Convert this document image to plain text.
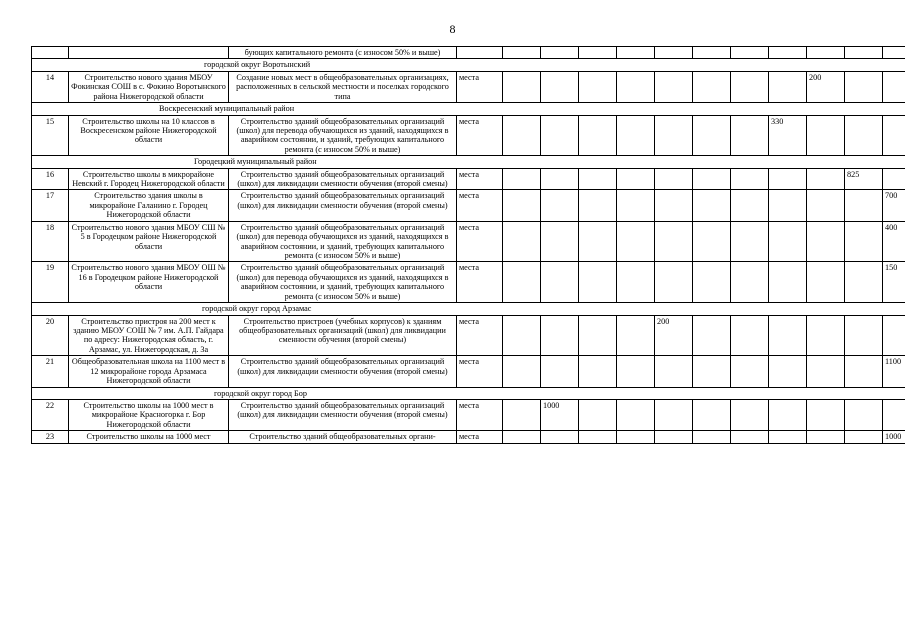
8
		бующих капитального ремонта (с износом 50% и выше)												
городской округ Воротынский														
14	Строительство нового здания МБОУ Фокинская СОШ в с. Фокино Воротынского района Нижегородской области	Создание новых мест в общеобразовательных организациях, расположенных в сельской местности и поселках городского типа	места									200		
Воскресенский муниципальный район														
15	Строительство школы на 10 классов в Воскресенском районе Нижегородской области	Строительство зданий общеобразовательных организаций (школ) для перевода обучающихся из зданий, находящихся в аварийном состоянии, и зданий, требующих капитального ремонта (с износом 50% и выше)	места								330			
Городецкий муниципальный район														
16	Строительство школы в микрорайоне Невский г. Городец Нижегородской области	Строительство зданий общеобразовательных организаций (школ) для ликвидации сменности обучения (второй смены)	места										825	
17	Строительство здания школы в микрорайоне Галанино г. Городец Нижегородской области	Строительство зданий общеобразовательных организаций (школ) для ликвидации сменности обучения (второй смены)	места											700
18	Строительство нового здания МБОУ СШ № 5 в Городецком районе Нижегородской области	Строительство зданий общеобразовательных организаций (школ) для перевода обучающихся из зданий, находящихся в аварийном состоянии, и зданий, требующих капитального ремонта (с износом 50% и выше)	места											400
19	Строительство нового здания МБОУ ОШ № 16 в Городецком районе Нижегородской области	Строительство зданий общеобразовательных организаций (школ) для перевода обучающихся из зданий, находящихся в аварийном состоянии, и зданий, требующих капитального ремонта (с износом 50% и выше)	места											150
городской округ город Арзамас														
20	Строительство пристроя на 200 мест к зданию МБОУ СОШ № 7 им. А.П. Гайдара по адресу: Нижегородская область, г. Арзамас, ул. Нижегородская, д. 3а	Строительство пристроев (учебных корпусов) к зданиям общеобразовательных организаций (школ) для ликвидации сменности обучения (второй смены)	места					200						
21	Общеобразовательная школа на 1100 мест в 12 микрорайоне города Арзамаса Нижегородской области	Строительство зданий общеобразовательных организаций (школ) для ликвидации сменности обучения (второй смены)	места											1100
городской округ город Бор														
22	Строительство школы на 1000 мест в микрорайоне Красногорка г. Бор Нижегородской области	Строительство зданий общеобразовательных организаций (школ) для ликвидации сменности обучения (второй смены)	места		1000									
23	Строительство школы на 1000 мест	Строительство зданий общеобразовательных органи-	места											1000
